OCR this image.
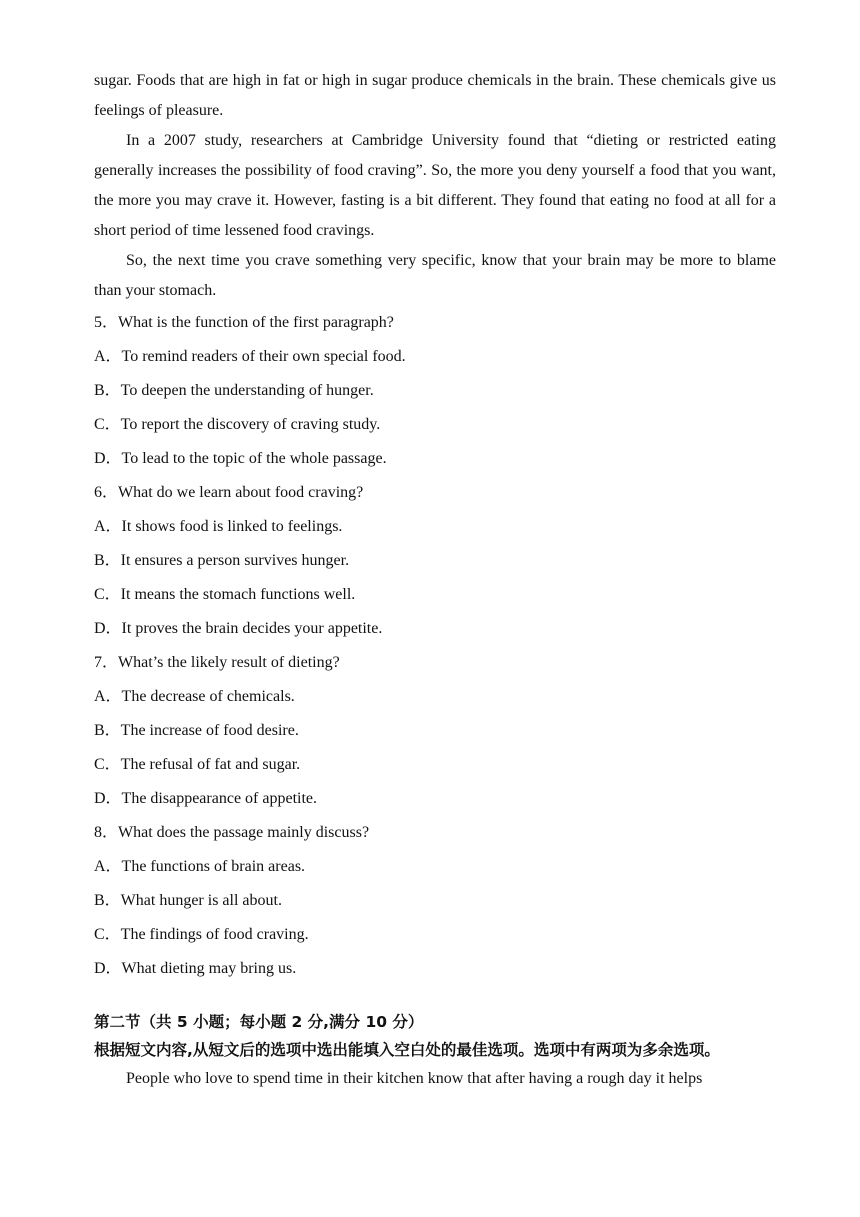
sugar. Foods that are high in fat or high in sugar produce chemicals in the brain. These chemicals give us feelings of pleasure.

In a 2007 study, researchers at Cambridge University found that “dieting or restricted eating generally increases the possibility of food craving”. So, the more you deny yourself a food that you want, the more you may crave it. However, fasting is a bit different. They found that eating no food at all for a short period of time lessened food cravings.

So, the next time you crave something very specific, know that your brain may be more to blame than your stomach.

5．What is the function of the first paragraph?

A．To remind readers of their own special food.

B．To deepen the understanding of hunger.

C．To report the discovery of craving study.

D．To lead to the topic of the whole passage.

6．What do we learn about food craving?

A．It shows food is linked to feelings.

B．It ensures a person survives hunger.

C．It means the stomach functions well.

D．It proves the brain decides your appetite.

7．What’s the likely result of dieting?

A．The decrease of chemicals.

B．The increase of food desire.

C．The refusal of fat and sugar.

D．The disappearance of appetite.

8．What does the passage mainly discuss?

A．The functions of brain areas.

B．What hunger is all about.

C．The findings of food craving.

D．What dieting may bring us.

第二节（共 5 小题；每小题 2 分,满分 10 分）

根据短文内容,从短文后的选项中选出能填入空白处的最佳选项。选项中有两项为多余选项。

People who love to spend time in their kitchen know that after having a rough day it helps
